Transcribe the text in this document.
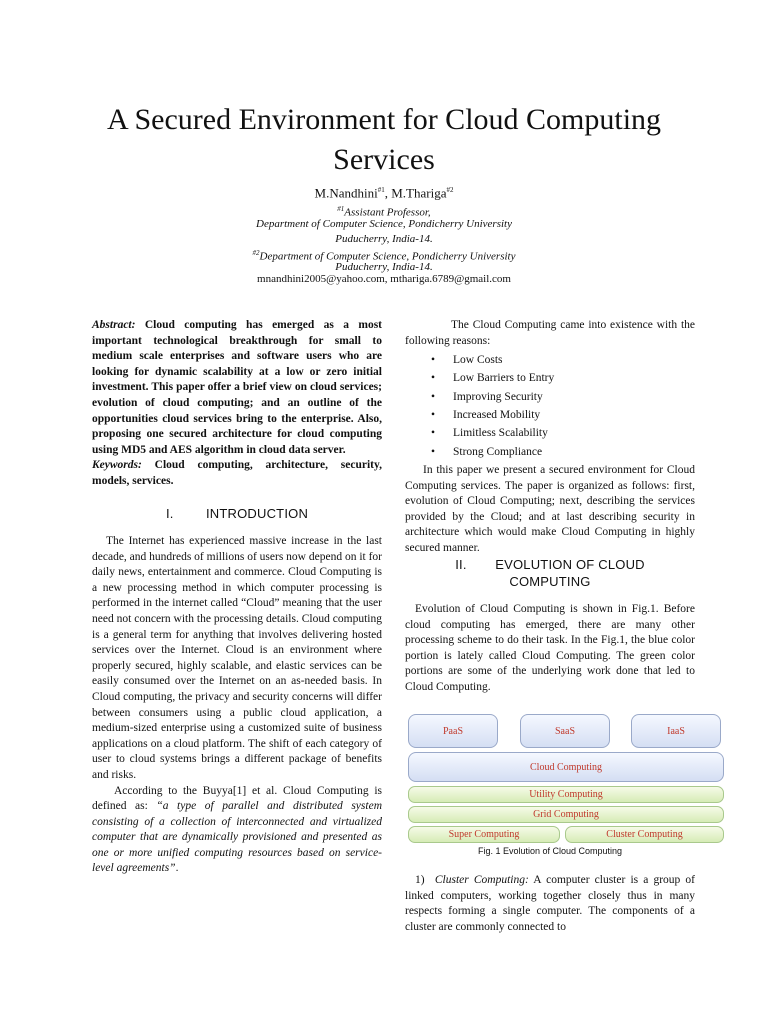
A Secured Environment for Cloud Computing Services
M.Nandhini$^{\#1}$, M.Thariga$^{\#2}$
$^{\#1}$Assistant Professor,
Department of Computer Science, Pondicherry University
Puducherry, India-14.
$^{\#2}$Department of Computer Science, Pondicherry University
Puducherry, India-14.
mnandhini2005@yahoo.com, mthariga.6789@gmail.com
Abstract: Cloud computing has emerged as a most important technological breakthrough for small to medium scale enterprises and software users who are looking for dynamic scalability at a low or zero initial investment. This paper offer a brief view on cloud services; evolution of cloud computing; and an outline of the opportunities cloud services bring to the enterprise. Also, proposing one secured architecture for cloud computing using MD5 and AES algorithm in cloud data server.
Keywords: Cloud computing, architecture, security, models, services.
I. INTRODUCTION

The Internet has experienced massive increase in the last decade, and hundreds of millions of users now depend on it for daily news, entertainment and commerce. Cloud Computing is a new processing method in which computer processing is performed in the internet called “Cloud” meaning that the user need not concern with the processing details. Cloud computing is a general term for anything that involves delivering hosted services over the Internet. Cloud is an environment where properly secured, highly scalable, and elastic services can be easily consumed over the Internet on an as-needed basis. In Cloud computing, the privacy and security concerns will differ between consumers using a public cloud application, a medium-sized enterprise using a customized suite of business applications on a cloud platform. The shift of each category of user to cloud systems brings a different package of benefits and risks.

According to the Buyya[1] et al. Cloud Computing is defined as: “a type of parallel and distributed system consisting of a collection of interconnected and virtualized computer that are dynamically provisioned and presented as one or more unified computing resources based on service-level agreements”.

The Cloud Computing came into existence with the following reasons:

• Low Costs
• Low Barriers to Entry
• Improving Security
• Increased Mobility
• Limitless Scalability
• Strong Compliance

In this paper we present a secured environment for Cloud Computing services. The paper is organized as follows: first, evolution of Cloud Computing; next, describing the services provided by the Cloud; and at last describing security in architecture which would make Cloud Computing in highly secured manner.

II. EVOLUTION OF CLOUD
COMPUTING

Evolution of Cloud Computing is shown in Fig.1. Before cloud computing has emerged, there are many other processing scheme to do their task. In the Fig.1, the blue color portion is lately called Cloud Computing. The green color portions are some of the underlying work done that led to Cloud Computing.

PaaS	SaaS	IaaS
Cloud Computing
Utility Computing
Grid Computing
Super Computing	Cluster Computing
Fig. 1 Evolution of Cloud Computing

1) Cluster Computing: A computer cluster is a group of linked computers, working together closely thus in many respects forming a single computer. The components of a cluster are commonly connected to
